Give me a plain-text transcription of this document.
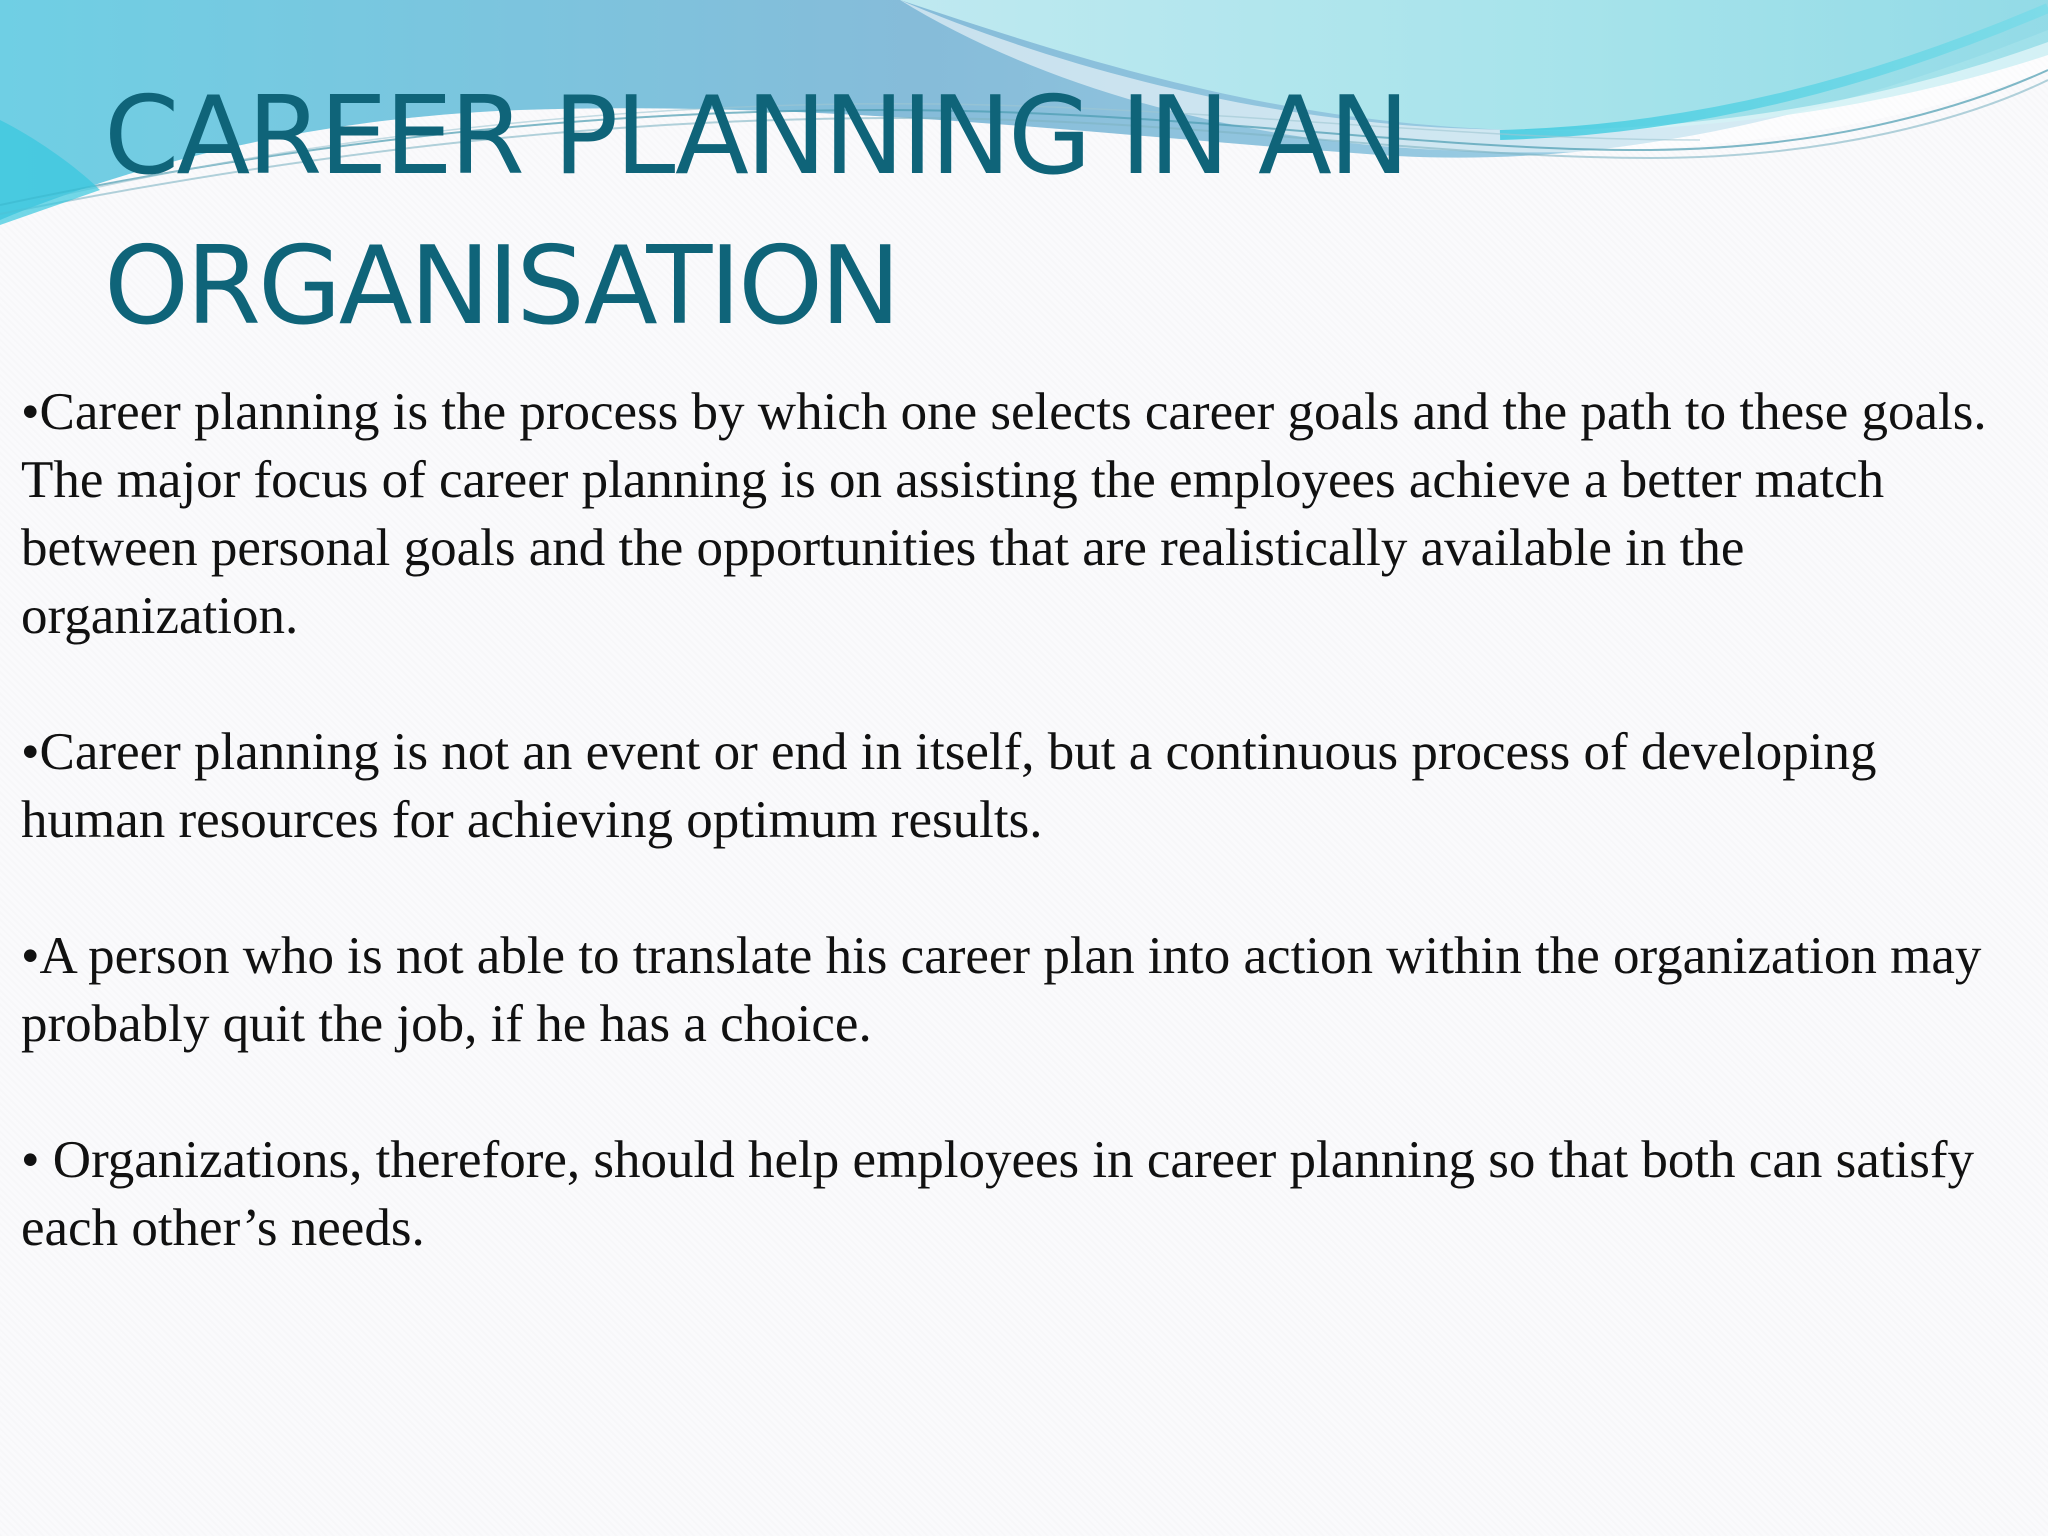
CAREER PLANNING IN AN
ORGANISATION

•Career planning is the process by which one selects career goals and the path to these goals. The major focus of career planning is on assisting the employees achieve a better match between personal goals and the opportunities that are realistically available in the organization.

•Career planning is not an event or end in itself, but a continuous process of developing human resources for achieving optimum results.

•A person who is not able to translate his career plan into action within the organization may probably quit the job, if he has a choice.

• Organizations, therefore, should help employees in career planning so that both can satisfy each other’s needs.
